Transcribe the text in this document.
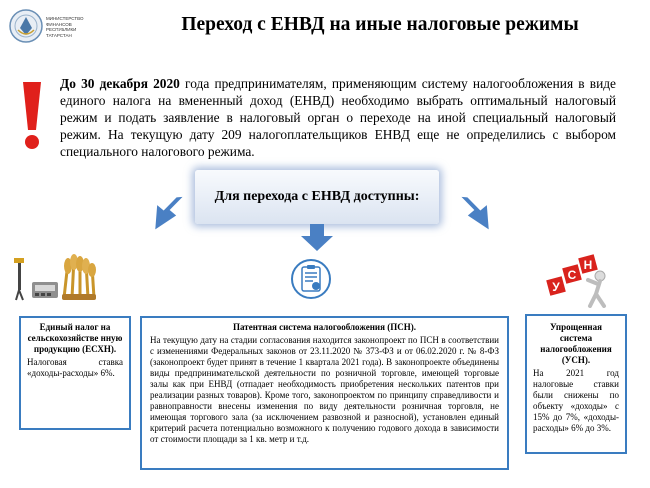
МИНИСТЕРСТВО ФИНАНСОВ
РЕСПУБЛИКИ
ТАТАРСТАН	Переход с ЕНВД на иные налоговые режимы
До 30 декабря 2020 года предпринимателям, применяющим систему налогообложения в виде единого налога на вмененный доход (ЕНВД) необходимо выбрать оптимальный налоговый режим и подать заявление в налоговый орган о переходе на иной специальный налоговый режим. На текущую дату 209 налогоплательщиков ЕНВД еще не определились с выбором специального налогового режима.
Для перехода с ЕНВД доступны:
У
С
Н
Единый налог на сельскохозяйстве нную продукцию (ЕСХН).
Налоговая ставка «доходы-расходы» 6%.
Патентная система налогообложения (ПСН).
На текущую дату на стадии согласования находится законопроект по ПСН в соответствии с изменениями Федеральных законов от 23.11.2020 № 373-ФЗ и от 06.02.2020 г. № 8-ФЗ (законопроект будет принят в течение 1 квартала 2021 года). В законопроекте объединены виды предпринимательской деятельности по розничной торговле, имеющей торговые залы как при ЕНВД (отпадает необходимость приобретения нескольких патентов при реализации разных товаров). Кроме того, законопроектом по принципу справедливости и равноправности внесены изменения по виду деятельности розничная торговля, не имеющая торгового зала (за исключением развозной и разносной), установлен единый критерий расчета потенциально возможного к получению годового дохода в зависимости от стоимости площади за 1 кв. метр и т.д.
Упрощенная система налогообложения (УСН).
На 2021 год налоговые ставки были снижены по объекту «доходы» с 15% до 7%, «доходы-расходы» 6% до 3%.
